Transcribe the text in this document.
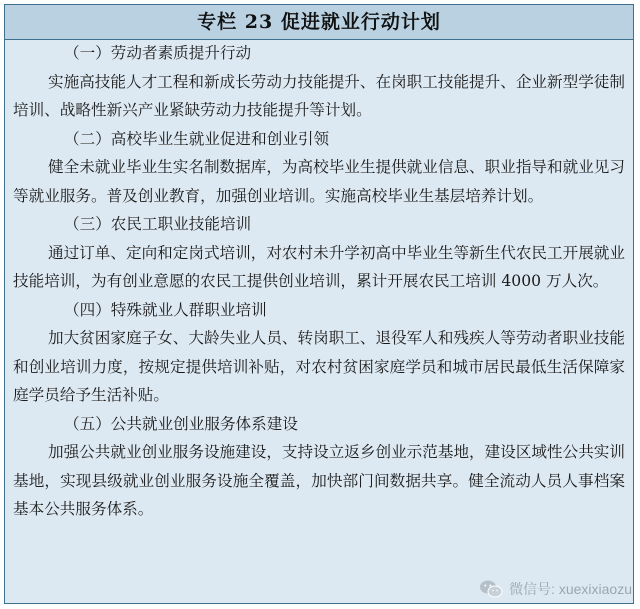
专栏 23 促进就业行动计划
（一）劳动者素质提升行动
实施高技能人才工程和新成长劳动力技能提升、在岗职工技能提升、企业新型学徒制培训、战略性新兴产业紧缺劳动力技能提升等计划。
（二）高校毕业生就业促进和创业引领
健全未就业毕业生实名制数据库，为高校毕业生提供就业信息、职业指导和就业见习等就业服务。普及创业教育，加强创业培训。实施高校毕业生基层培养计划。
（三）农民工职业技能培训
通过订单、定向和定岗式培训，对农村未升学初高中毕业生等新生代农民工开展就业技能培训，为有创业意愿的农民工提供创业培训，累计开展农民工培训 4000 万人次。
（四）特殊就业人群职业培训
加大贫困家庭子女、大龄失业人员、转岗职工、退役军人和残疾人等劳动者职业技能和创业培训力度，按规定提供培训补贴，对农村贫困家庭学员和城市居民最低生活保障家庭学员给予生活补贴。
（五）公共就业创业服务体系建设
加强公共就业创业服务设施建设，支持设立返乡创业示范基地，建设区域性公共实训基地，实现县级就业创业服务设施全覆盖，加快部门间数据共享。健全流动人员人事档案基本公共服务体系。
微信号: xuexixiaozu
